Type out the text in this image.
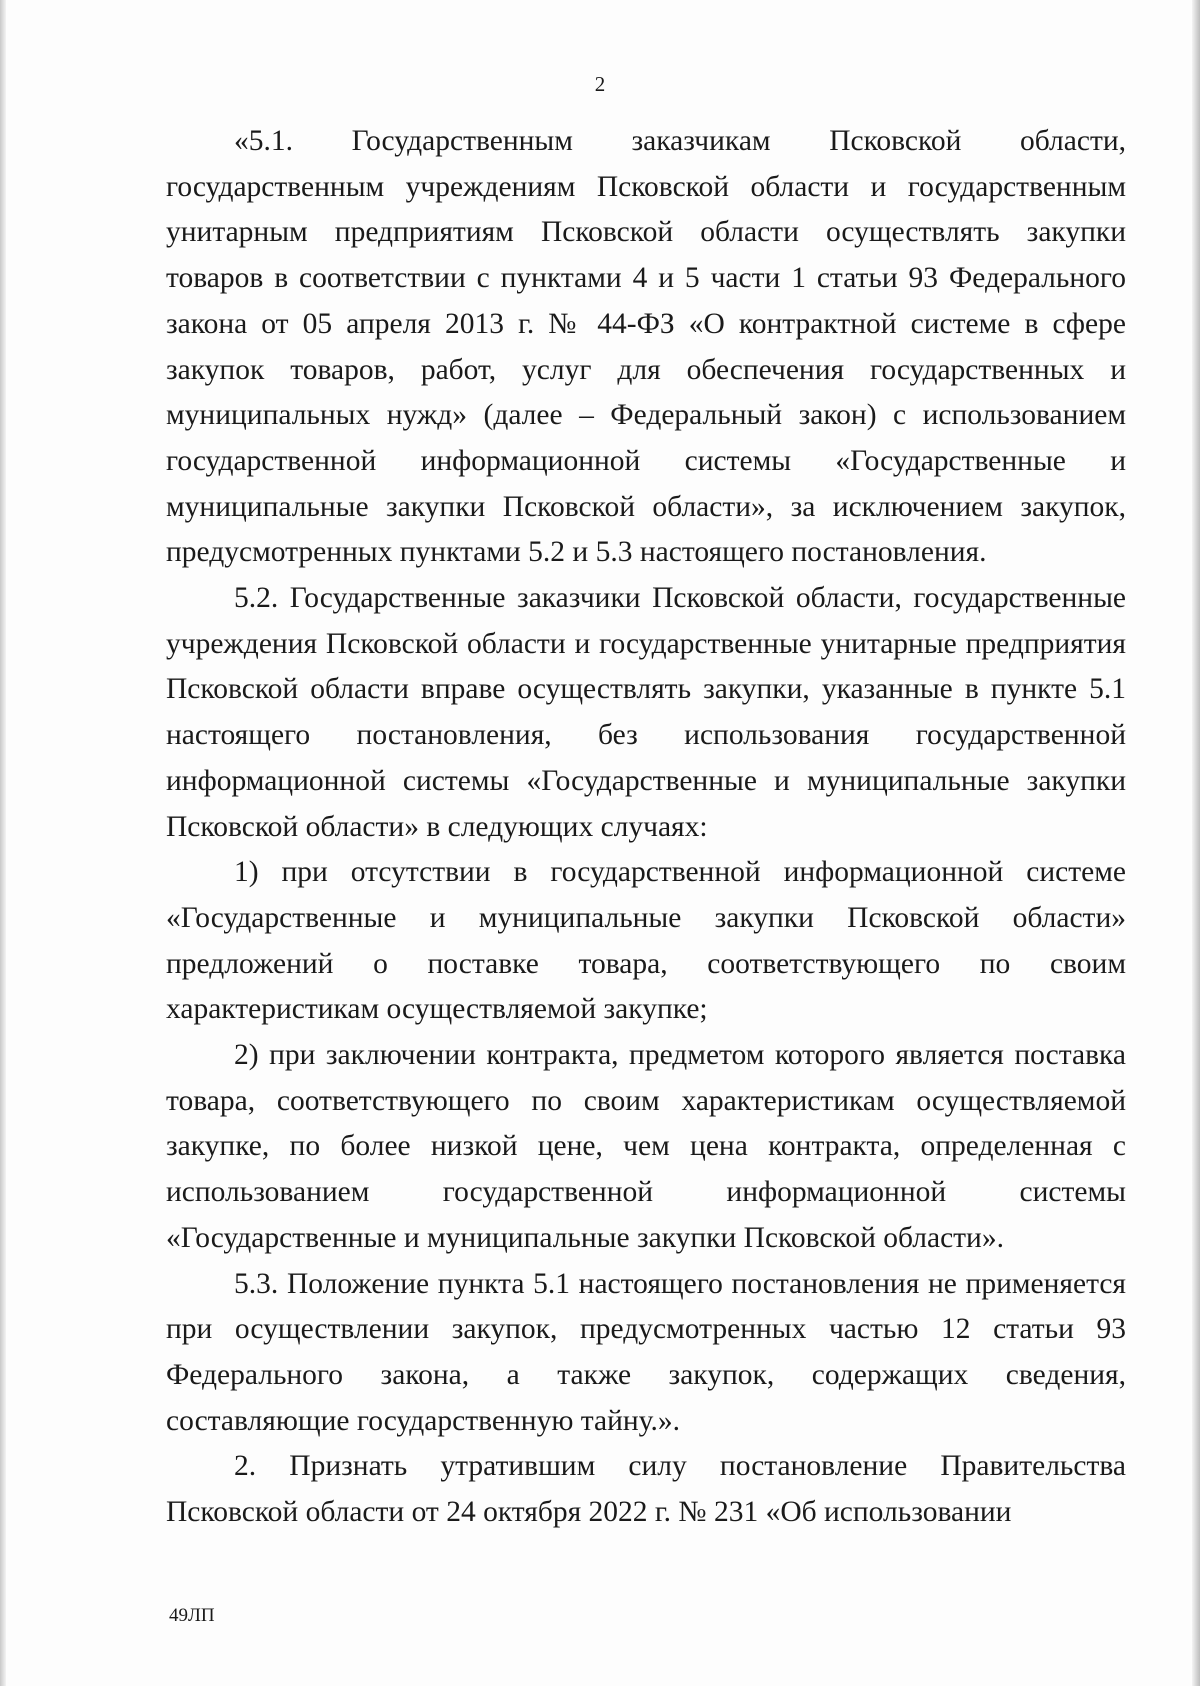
2

«5.1. Государственным заказчикам Псковской области, государственным учреждениям Псковской области и государственным унитарным предприятиям Псковской области осуществлять закупки товаров в соответствии с пунктами 4 и 5 части 1 статьи 93 Федерального закона от 05 апреля 2013 г. № 44-ФЗ «О контрактной системе в сфере закупок товаров, работ, услуг для обеспечения государственных и муниципальных нужд» (далее – Федеральный закон) с использованием государственной информационной системы «Государственные и муниципальные закупки Псковской области», за исключением закупок, предусмотренных пунктами 5.2 и 5.3 настоящего постановления.

5.2. Государственные заказчики Псковской области, государственные учреждения Псковской области и государственные унитарные предприятия Псковской области вправе осуществлять закупки, указанные в пункте 5.1 настоящего постановления, без использования государственной информационной системы «Государственные и муниципальные закупки Псковской области» в следующих случаях:

1) при отсутствии в государственной информационной системе «Государственные и муниципальные закупки Псковской области» предложений о поставке товара, соответствующего по своим характеристикам осуществляемой закупке;

2) при заключении контракта, предметом которого является поставка товара, соответствующего по своим характеристикам осуществляемой закупке, по более низкой цене, чем цена контракта, определенная с использованием государственной информационной системы «Государственные и муниципальные закупки Псковской области».

5.3. Положение пункта 5.1 настоящего постановления не применяется при осуществлении закупок, предусмотренных частью 12 статьи 93 Федерального закона, а также закупок, содержащих сведения, составляющие государственную тайну.».

2. Признать утратившим силу постановление Правительства Псковской области от 24 октября 2022 г. № 231 «Об использовании

49ЛП
